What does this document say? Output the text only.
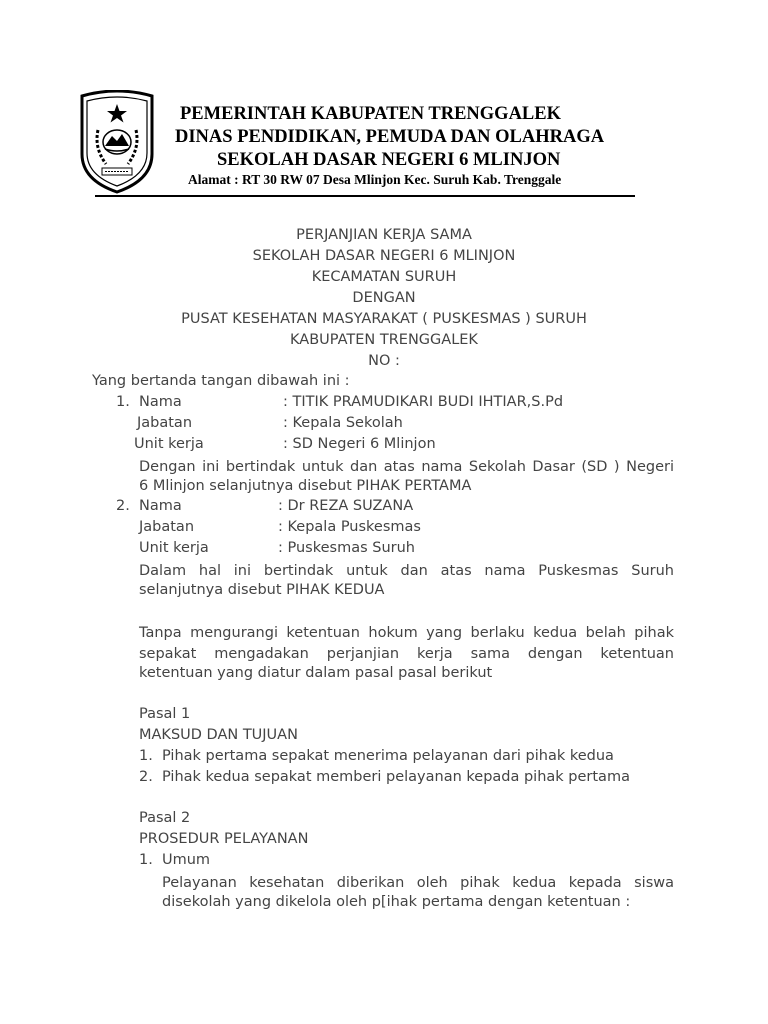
PEMERINTAH KABUPATEN TRENGGALEK
DINAS PENDIDIKAN, PEMUDA DAN OLAHRAGA
SEKOLAH DASAR NEGERI 6 MLINJON
Alamat : RT 30 RW 07 Desa Mlinjon Kec. Suruh Kab. Trenggale
PERJANJIAN KERJA SAMA
SEKOLAH DASAR NEGERI 6 MLINJON
KECAMATAN SURUH
DENGAN
PUSAT KESEHATAN MASYARAKAT ( PUSKESMAS ) SURUH
KABUPATEN TRENGGALEK
NO :
Yang bertanda tangan dibawah ini :
1. Nama	: TITIK PRAMUDIKARI BUDI IHTIAR,S.Pd
Jabatan	: Kepala Sekolah
Unit kerja	: SD Negeri 6 Mlinjon
Dengan ini bertindak untuk dan atas nama Sekolah Dasar (SD ) Negeri
6 Mlinjon selanjutnya disebut PIHAK PERTAMA
2. Nama	: Dr REZA SUZANA
Jabatan	: Kepala Puskesmas
Unit kerja	: Puskesmas Suruh
Dalam hal ini bertindak untuk dan atas nama Puskesmas Suruh
selanjutnya disebut PIHAK KEDUA
Tanpa mengurangi ketentuan hokum yang berlaku kedua belah pihak
sepakat mengadakan perjanjian kerja sama dengan ketentuan
ketentuan yang diatur dalam pasal pasal berikut
Pasal 1
MAKSUD DAN TUJUAN
1. Pihak pertama sepakat menerima pelayanan dari pihak kedua
2. Pihak kedua sepakat memberi pelayanan kepada pihak pertama
Pasal 2
PROSEDUR PELAYANAN
1. Umum
Pelayanan kesehatan diberikan oleh pihak kedua kepada siswa
disekolah yang dikelola oleh p[ihak pertama dengan ketentuan :
